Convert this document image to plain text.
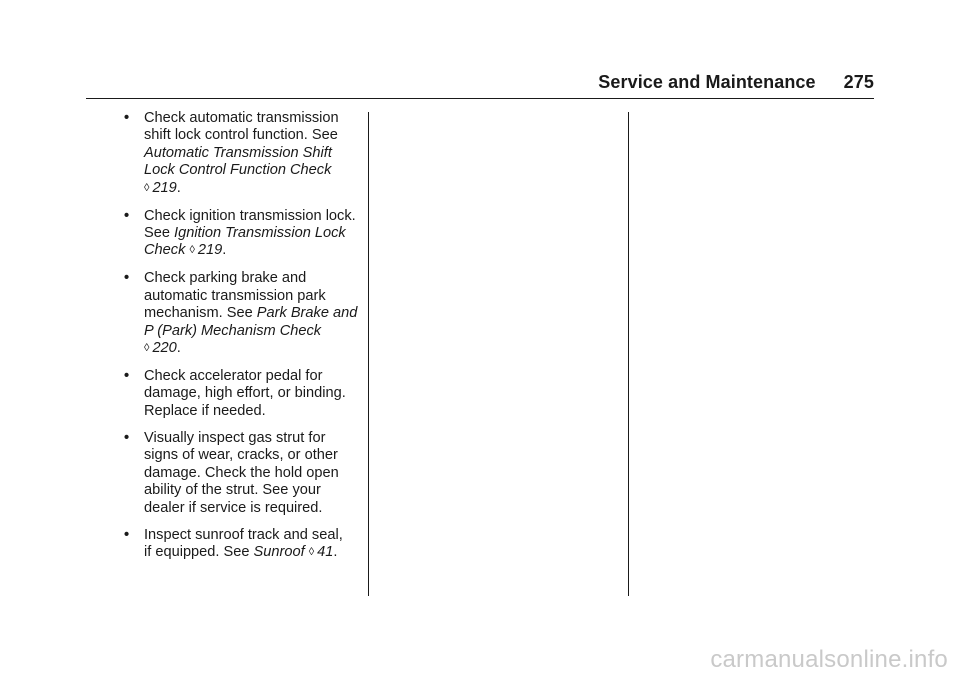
Service and Maintenance 275
• Check automatic transmission
shift lock control function. See
Automatic Transmission Shift
Lock Control Function Check
◊ 219.
• Check ignition transmission lock.
See Ignition Transmission Lock
Check ◊ 219.
• Check parking brake and
automatic transmission park
mechanism. See Park Brake and
P (Park) Mechanism Check
◊ 220.
• Check accelerator pedal for
damage, high effort, or binding.
Replace if needed.
• Visually inspect gas strut for
signs of wear, cracks, or other
damage. Check the hold open
ability of the strut. See your
dealer if service is required.
• Inspect sunroof track and seal,
if equipped. See Sunroof ◊ 41.
carmanualsonline.info
